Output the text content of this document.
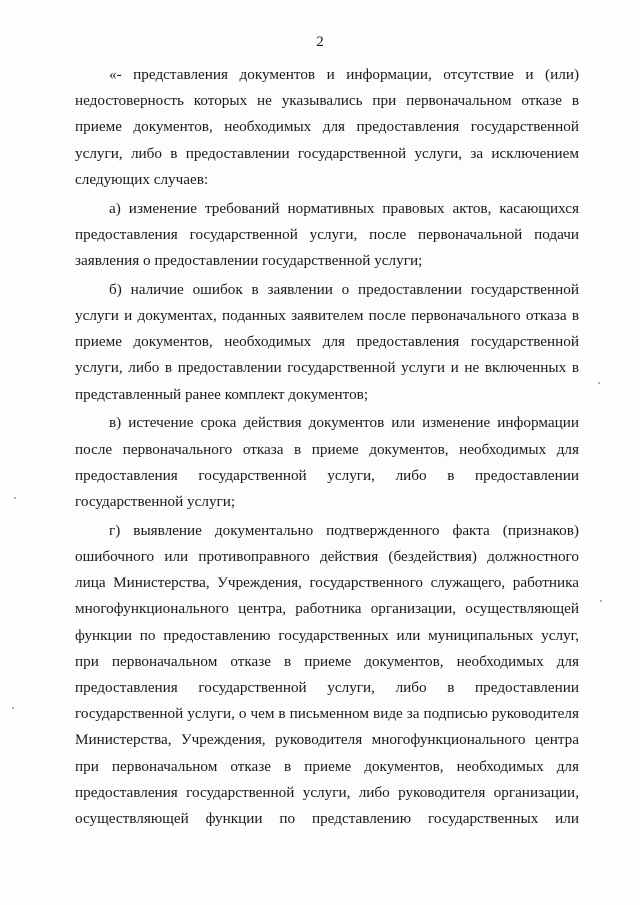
2

«- представления документов и информации, отсутствие и (или) недостоверность которых не указывались при первоначальном отказе в приеме документов, необходимых для предоставления государственной услуги, либо в предоставлении государственной услуги, за исключением следующих случаев:

а) изменение требований нормативных правовых актов, касающихся предоставления государственной услуги, после первоначальной подачи заявления о предоставлении государственной услуги;

б) наличие ошибок в заявлении о предоставлении государственной услуги и документах, поданных заявителем после первоначального отказа в приеме документов, необходимых для предоставления государственной услуги, либо в предоставлении государственной услуги и не включенных в представленный ранее комплект документов;

в) истечение срока действия документов или изменение информации после первоначального отказа в приеме документов, необходимых для предоставления государственной услуги, либо в предоставлении государственной услуги;

г) выявление документально подтвержденного факта (признаков) ошибочного или противоправного действия (бездействия) должностного лица Министерства, Учреждения, государственного служащего, работника многофункционального центра, работника организации, осуществляющей функции по предоставлению государственных или муниципальных услуг, при первоначальном отказе в приеме документов, необходимых для предоставления государственной услуги, либо в предоставлении государственной услуги, о чем в письменном виде за подписью руководителя Министерства, Учреждения, руководителя многофункционального центра при первоначальном отказе в приеме документов, необходимых для предоставления государственной услуги, либо руководителя организации, осуществляющей функции по представлению государственных или
